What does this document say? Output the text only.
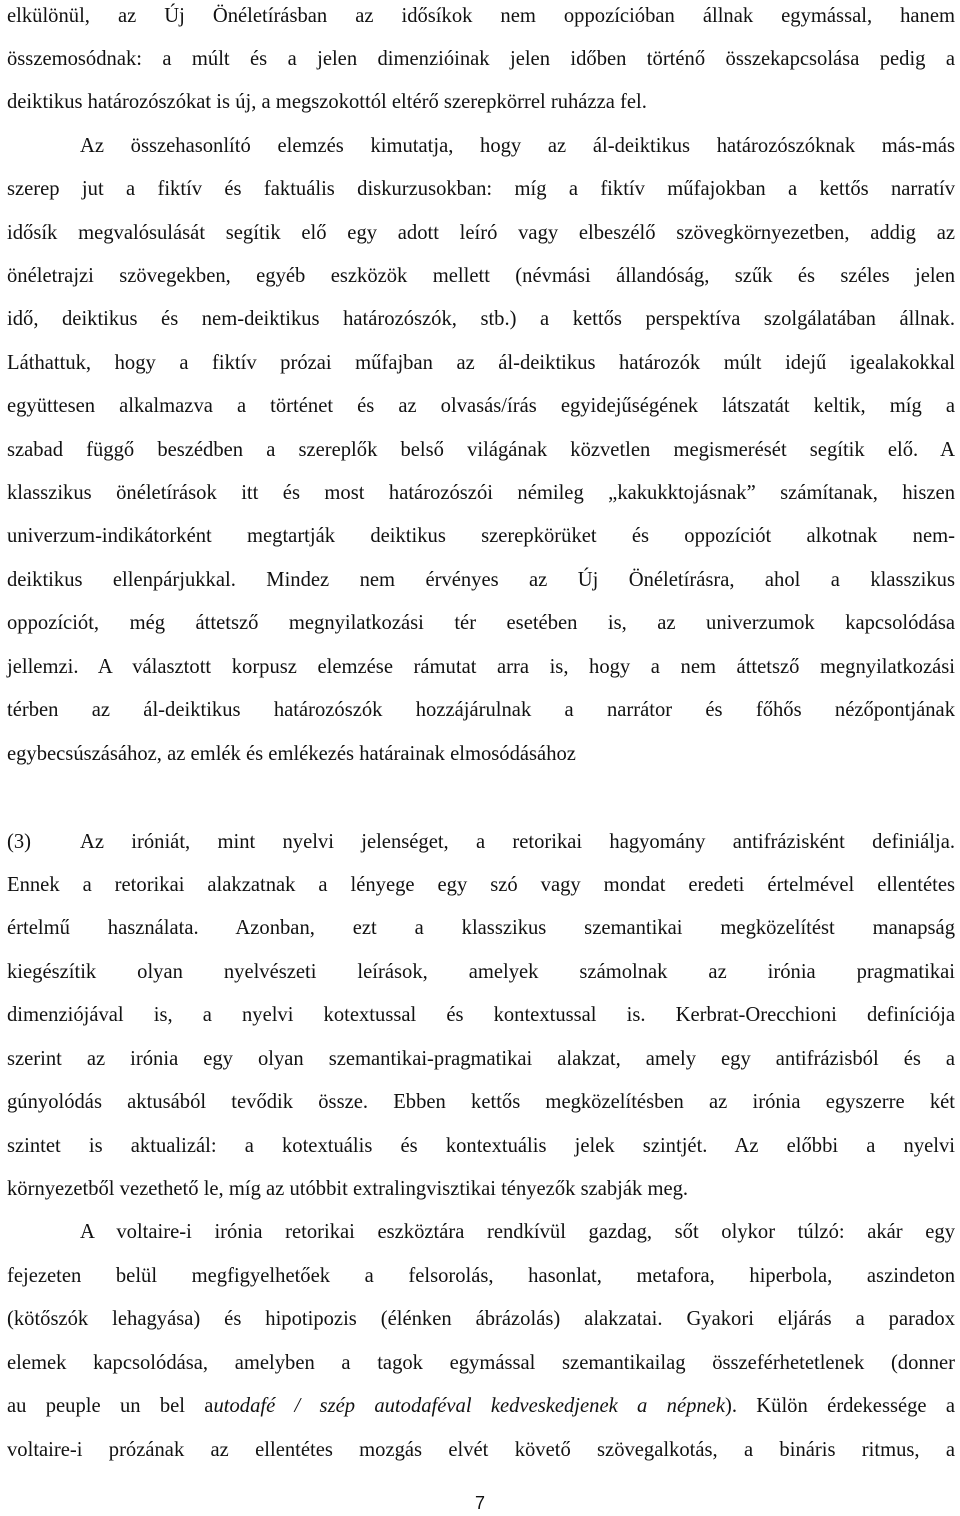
elkülönül, az Új Önéletírásban az idősíkok nem oppozícióban állnak egymással, hanem
összemosódnak: a múlt és a jelen dimenzióinak jelen időben történő összekapcsolása pedig a
deiktikus határozószókat is új, a megszokottól eltérő szerepkörrel ruházza fel.
Az összehasonlító elemzés kimutatja, hogy az ál-deiktikus határozószóknak más-más
szerep jut a fiktív és faktuális diskurzusokban: míg a fiktív műfajokban a kettős narratív
idősík megvalósulását segítik elő egy adott leíró vagy elbeszélő szövegkörnyezetben, addig az
önéletrajzi szövegekben, egyéb eszközök mellett (névmási állandóság, szűk és széles jelen
idő, deiktikus és nem-deiktikus határozószók, stb.) a kettős perspektíva szolgálatában állnak.
Láthattuk, hogy a fiktív prózai műfajban az ál-deiktikus határozók múlt idejű igealakokkal
együttesen alkalmazva a történet és az olvasás/írás egyidejűségének látszatát keltik, míg a
szabad függő beszédben a szereplők belső világának közvetlen megismerését segítik elő. A
klasszikus önéletírások itt és most határozószói némileg „kakukktojásnak” számítanak, hiszen
univerzum-indikátorként megtartják deiktikus szerepkörüket és oppozíciót alkotnak nem-
deiktikus ellenpárjukkal. Mindez nem érvényes az Új Önéletírásra, ahol a klasszikus
oppozíciót, még áttetsző megnyilatkozási tér esetében is, az univerzumok kapcsolódása
jellemzi. A választott korpusz elemzése rámutat arra is, hogy a nem áttetsző megnyilatkozási
térben az ál-deiktikus határozószók hozzájárulnak a narrátor és főhős nézőpontjának
egybecsúszásához, az emlék és emlékezés határainak elmosódásához
(3) Az iróniát, mint nyelvi jelenséget, a retorikai hagyomány antifrázisként definiálja.
Ennek a retorikai alakzatnak a lényege egy szó vagy mondat eredeti értelmével ellentétes
értelmű használata. Azonban, ezt a klasszikus szemantikai megközelítést manapság
kiegészítik olyan nyelvészeti leírások, amelyek számolnak az irónia pragmatikai
dimenziójával is, a nyelvi kotextussal és kontextussal is. Kerbrat-Orecchioni definíciója
szerint az irónia egy olyan szemantikai-pragmatikai alakzat, amely egy antifrázisból és a
gúnyolódás aktusából tevődik össze. Ebben kettős megközelítésben az irónia egyszerre két
szintet is aktualizál: a kotextuális és kontextuális jelek szintjét. Az előbbi a nyelvi
környezetből vezethető le, míg az utóbbit extralingvisztikai tényezők szabják meg.
A voltaire-i irónia retorikai eszköztára rendkívül gazdag, sőt olykor túlzó: akár egy
fejezeten belül megfigyelhetőek a felsorolás, hasonlat, metafora, hiperbola, aszindeton
(kötőszók lehagyása) és hipotipozis (élénken ábrázolás) alakzatai. Gyakori eljárás a paradox
elemek kapcsolódása, amelyben a tagok egymással szemantikailag összeférhetetlenek (donner
au peuple un bel autodafé / szép autodaféval kedveskedjenek a népnek). Külön érdekessége a
voltaire-i prózának az ellentétes mozgás elvét követő szövegalkotás, a bináris ritmus, a
7
